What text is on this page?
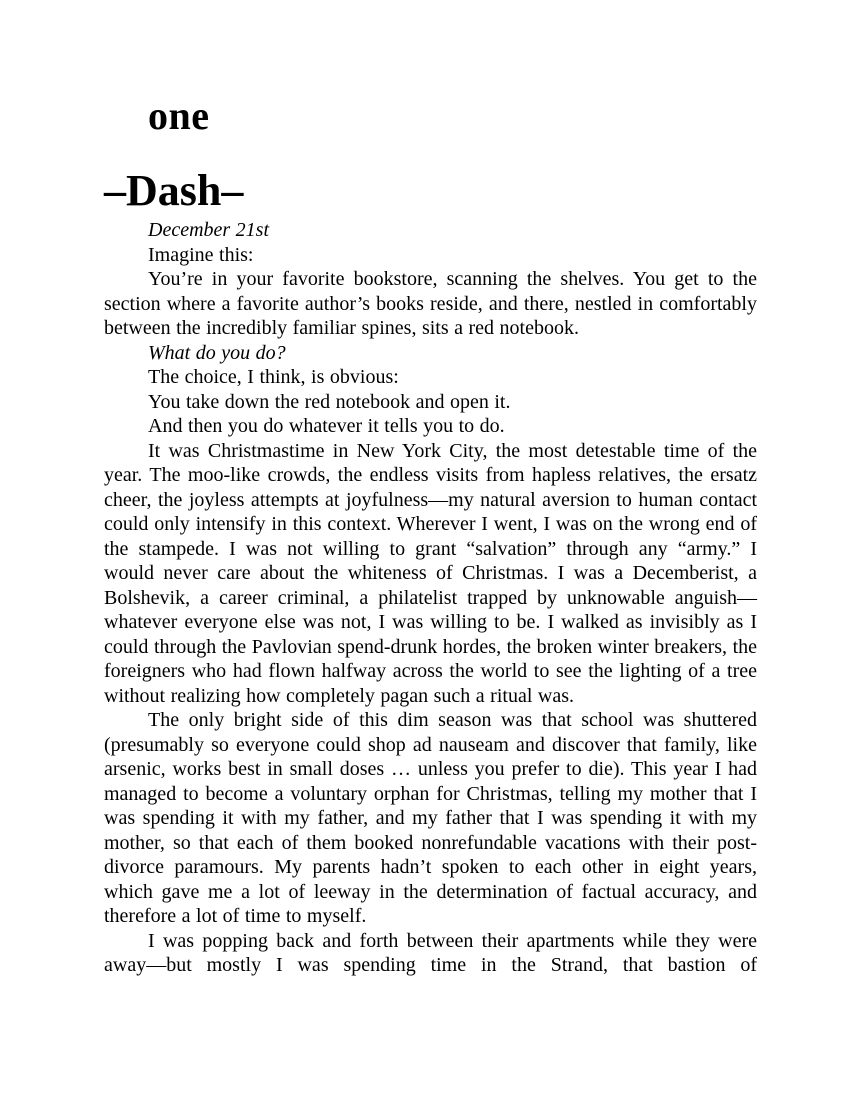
one
–Dash–

December 21st

Imagine this:

You’re in your favorite bookstore, scanning the shelves. You get to the section where a favorite author’s books reside, and there, nestled in comfortably between the incredibly familiar spines, sits a red notebook.

What do you do?

The choice, I think, is obvious:

You take down the red notebook and open it.

And then you do whatever it tells you to do.

It was Christmastime in New York City, the most detestable time of the year. The moo-like crowds, the endless visits from hapless relatives, the ersatz cheer, the joyless attempts at joyfulness—my natural aversion to human contact could only intensify in this context. Wherever I went, I was on the wrong end of the stampede. I was not willing to grant “salvation” through any “army.” I would never care about the whiteness of Christmas. I was a Decemberist, a Bolshevik, a career criminal, a philatelist trapped by unknowable anguish—whatever everyone else was not, I was willing to be. I walked as invisibly as I could through the Pavlovian spend-drunk hordes, the broken winter breakers, the foreigners who had flown halfway across the world to see the lighting of a tree without realizing how completely pagan such a ritual was.

The only bright side of this dim season was that school was shuttered (presumably so everyone could shop ad nauseam and discover that family, like arsenic, works best in small doses … unless you prefer to die). This year I had managed to become a voluntary orphan for Christmas, telling my mother that I was spending it with my father, and my father that I was spending it with my mother, so that each of them booked nonrefundable vacations with their post-divorce paramours. My parents hadn’t spoken to each other in eight years, which gave me a lot of leeway in the determination of factual accuracy, and therefore a lot of time to myself.

I was popping back and forth between their apartments while they were away—but mostly I was spending time in the Strand, that bastion of
